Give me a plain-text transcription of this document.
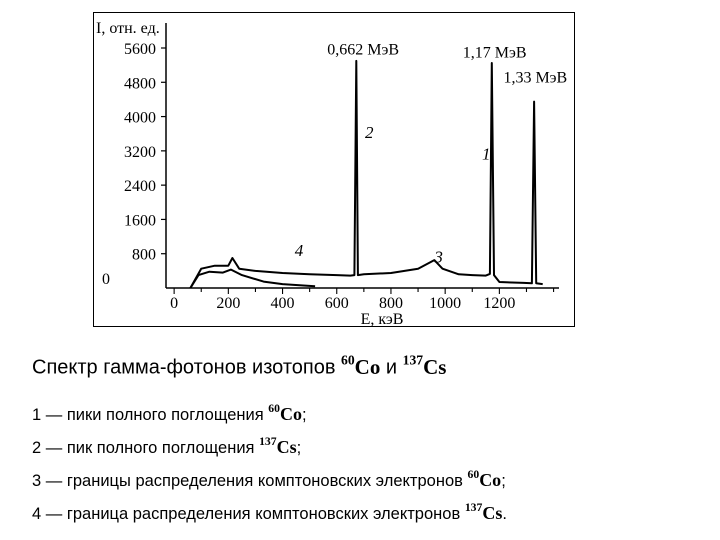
5600
4800
4000
3200
2400
1600
800
0
0 200 400 600 800 1000 1200
I, отн. ед.
E, кэВ
0,662 МэВ	1,17 МэВ
1,33 МэВ
2
1
3
4
Спектр гамма-фотонов изотопов $^{60}$Co и $^{137}$Cs
1 — пики полного поглощения $^{60}$Co;
2 — пик полного поглощения $^{137}$Cs;
3 — границы распределения комптоновских электронов $^{60}$Co;
4 — граница распределения комптоновских электронов $^{137}$Cs.
